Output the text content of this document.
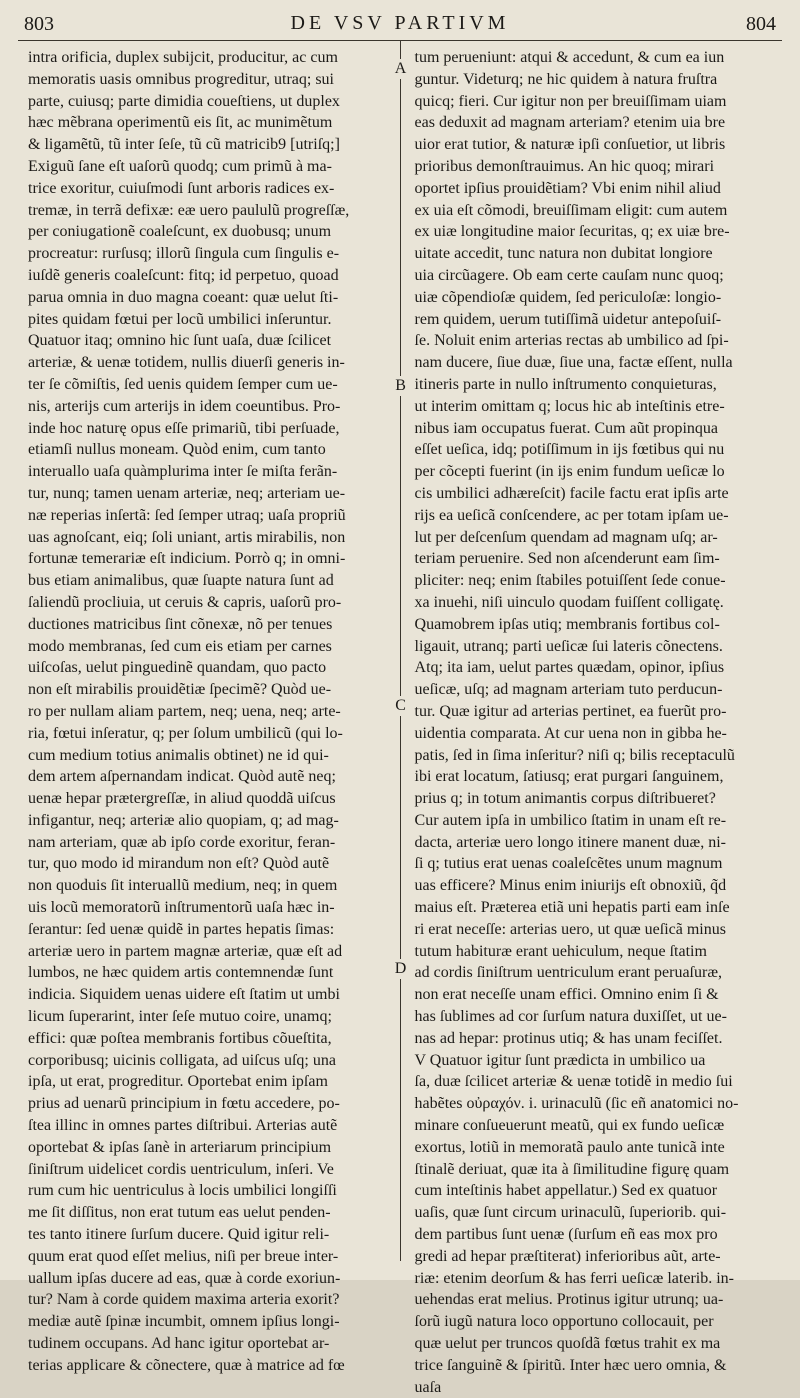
803	DE VSV PARTIVM	804
intra orificia, duplex subijcit, producitur, ac cum
memoratis uasis omnibus progreditur, utraq; sui
parte, cuiusq; parte dimidia coueſtiens, ut duplex
hæc mẽbrana operimentũ eis ſit, ac munimẽtum
& ligamẽtũ, tũ inter ſeſe, tũ cũ matricib9 [utriſq;]
Exiguũ ſane eſt uaſorũ quodq; cum primũ à ma-
trice exoritur, cuiuſmodi ſunt arboris radices ex-
tremæ, in terrã defixæ: eæ uero paululũ progreſſæ,
per coniugationẽ coaleſcunt, ex duobusq; unum
procreatur: rurſusq; illorũ ſingula cum ſingulis e-
iuſdẽ generis coaleſcunt: fitq; id perpetuo, quoad
parua omnia in duo magna coeant: quæ uelut ſti-
pites quidam fœtui per locũ umbilici inſeruntur.
Quatuor itaq; omnino hic ſunt uaſa, duæ ſcilicet
arteriæ, & uenæ totidem, nullis diuerſi generis in-
ter ſe cõmiſtis, ſed uenis quidem ſemper cum ue-
nis, arterijs cum arterijs in idem coeuntibus. Pro-
inde hoc naturę opus eſſe primariũ, tibi perſuade,
etiamſi nullus moneam. Quòd enim, cum tanto
interuallo uaſa quàmplurima inter ſe miſta ferãn-
tur, nunq; tamen uenam arteriæ, neq; arteriam ue-
næ reperias inſertã: ſed ſemper utraq; uaſa propriũ
uas agnoſcant, eiq; ſoli uniant, artis mirabilis, non
fortunæ temerariæ eſt indicium. Porrò q; in omni-
bus etiam animalibus, quæ ſuapte natura ſunt ad
ſaliendũ procliuia, ut ceruis & capris, uaſorũ pro-
ductiones matricibus ſint cõnexæ, nõ per tenues
modo membranas, ſed cum eis etiam per carnes
uiſcoſas, uelut pinguedinẽ quandam, quo pacto
non eſt mirabilis prouidẽtiæ ſpecimẽ? Quòd ue-
ro per nullam aliam partem, neq; uena, neq; arte-
ria, fœtui inſeratur, q; per ſolum umbilicũ (qui lo-
cum medium totius animalis obtinet) ne id qui-
dem artem aſpernandam indicat. Quòd autẽ neq;
uenæ hepar prætergreſſæ, in aliud quoddã uiſcus
infigantur, neq; arteriæ alio quopiam, q; ad mag-
nam arteriam, quæ ab ipſo corde exoritur, feran-
tur, quo modo id mirandum non eſt? Quòd autẽ
non quoduis ſit interuallũ medium, neq; in quem
uis locũ memoratorũ inſtrumentorũ uaſa hæc in-
ſerantur: ſed uenæ quidẽ in partes hepatis ſimas:
arteriæ uero in partem magnæ arteriæ, quæ eſt ad
lumbos, ne hæc quidem artis contemnendæ ſunt
indicia. Siquidem uenas uidere eſt ſtatim ut umbi
licum ſuperarint, inter ſeſe mutuo coire, unamq;
effici: quæ poſtea membranis fortibus cõueſtita,
corporibusq; uicinis colligata, ad uiſcus uſq; una
ipſa, ut erat, progreditur. Oportebat enim ipſam
prius ad uenarũ principium in fœtu accedere, po-
ſtea illinc in omnes partes diſtribui. Arterias autẽ
oportebat & ipſas ſanè in arteriarum principium
ſiniſtrum uidelicet cordis uentriculum, inſeri. Ve
rum cum hic uentriculus à locis umbilici longiſſi
me ſit diſſitus, non erat tutum eas uelut penden-
tes tanto itinere ſurſum ducere. Quid igitur reli-
quum erat quod eſſet melius, niſi per breue inter-
uallum ipſas ducere ad eas, quæ à corde exoriun-
tur? Nam à corde quidem maxima arteria exorit?
mediæ autẽ ſpinæ incumbit, omnem ipſius longi-
tudinem occupans. Ad hanc igitur oportebat ar-
terias applicare & cõnectere, quæ à matrice ad fœ
A
B
C
D
tum perueniunt: atqui & accedunt, & cum ea iun
guntur. Videturq; ne hic quidem à natura fruſtra
quicq; fieri. Cur igitur non per breuiſſimam uiam
eas deduxit ad magnam arteriam? etenim uia bre
uior erat tutior, & naturæ ipſi conſuetior, ut libris
prioribus demonſtrauimus. An hic quoq; mirari
oportet ipſius prouidẽtiam? Vbi enim nihil aliud
ex uia eſt cõmodi, breuiſſimam eligit: cum autem
ex uiæ longitudine maior ſecuritas, q; ex uiæ bre-
uitate accedit, tunc natura non dubitat longiore
uia circũagere. Ob eam certe cauſam nunc quoq;
uiæ cõpendioſæ quidem, ſed periculoſæ: longio-
rem quidem, uerum tutiſſimã uidetur antepoſuiſ-
ſe. Noluit enim arterias rectas ab umbilico ad ſpi-
nam ducere, ſiue duæ, ſiue una, factæ eſſent, nulla
itineris parte in nullo inſtrumento conquieturas,
ut interim omittam q; locus hic ab inteſtinis etre-
nibus iam occupatus fuerat. Cum aũt propinqua
eſſet ueſica, idq; potiſſimum in ijs fœtibus qui nu
per cõcepti fuerint (in ijs enim fundum ueſicæ lo
cis umbilici adhæreſcit) facile factu erat ipſis arte
rijs ea ueſicã conſcendere, ac per totam ipſam ue-
lut per deſcenſum quendam ad magnam uſq; ar-
teriam peruenire. Sed non aſcenderunt eam ſim-
pliciter: neq; enim ſtabiles potuiſſent ſede conue-
xa inuehi, niſi uinculo quodam fuiſſent colligatę.
Quamobrem ipſas utiq; membranis fortibus col-
ligauit, utranq; parti ueſicæ ſui lateris cõnectens.
Atq; ita iam, uelut partes quædam, opinor, ipſius
ueſicæ, uſq; ad magnam arteriam tuto perducun-
tur. Quæ igitur ad arterias pertinet, ea fuerũt pro-
uidentia comparata. At cur uena non in gibba he-
patis, ſed in ſima inſeritur? niſi q; bilis receptaculũ
ibi erat locatum, ſatiusq; erat purgari ſanguinem,
prius q; in totum animantis corpus diſtribueret?
Cur autem ipſa in umbilico ſtatim in unam eſt re-
dacta, arteriæ uero longo itinere manent duæ, ni-
ſi q; tutius erat uenas coaleſcẽtes unum magnum
uas efficere? Minus enim iniurijs eſt obnoxiũ, q̃d
maius eſt. Præterea etiã uni hepatis parti eam inſe
ri erat neceſſe: arterias uero, ut quæ ueſicã minus
tutum habituræ erant uehiculum, neque ſtatim
ad cordis ſiniſtrum uentriculum erant peruaſuræ,
non erat neceſſe unam effici. Omnino enim ſi &
has ſublimes ad cor ſurſum natura duxiſſet, ut ue-
nas ad hepar: protinus utiq; & has unam feciſſet.
V Quatuor igitur ſunt prædicta in umbilico ua
ſa, duæ ſcilicet arteriæ & uenæ totidẽ in medio ſui
habẽtes οὐραχόν. i. urinaculũ (ſic eñ anatomici no-
minare conſueuerunt meatũ, qui ex fundo ueſicæ
exortus, lotiũ in memoratã paulo ante tunicã inte
ſtinalẽ deriuat, quæ ita à ſimilitudine figurę quam
cum inteſtinis habet appellatur.) Sed ex quatuor
uaſis, quæ ſunt circum urinaculũ, ſuperiorib. qui-
dem partibus ſunt uenæ (ſurſum eñ eas mox pro
gredi ad hepar præſtiterat) inferioribus aũt, arte-
riæ: etenim deorſum & has ferri ueſicæ laterib. in-
uehendas erat melius. Protinus igitur utrunq; ua-
ſorũ iugũ natura loco opportuno collocauit, per
quæ uelut per truncos quoſdã fœtus trahit ex ma
trice ſanguinẽ & ſpiritũ. Inter hæc uero omnia, &
uaſa
